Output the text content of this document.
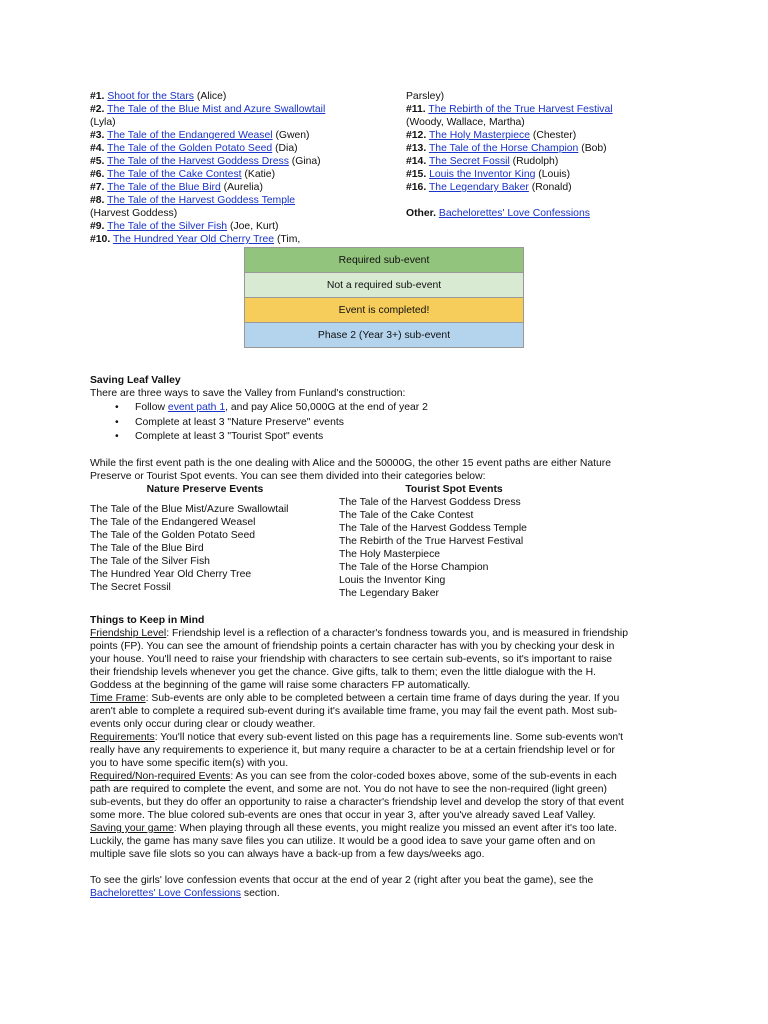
#1. Shoot for the Stars (Alice)
#2. The Tale of the Blue Mist and Azure Swallowtail
(Lyla)
#3. The Tale of the Endangered Weasel (Gwen)
#4. The Tale of the Golden Potato Seed (Dia)
#5. The Tale of the Harvest Goddess Dress (Gina)
#6. The Tale of the Cake Contest (Katie)
#7. The Tale of the Blue Bird (Aurelia)
#8. The Tale of the Harvest Goddess Temple
(Harvest Goddess)
#9. The Tale of the Silver Fish (Joe, Kurt)
#10. The Hundred Year Old Cherry Tree (Tim,
Parsley)
#11. The Rebirth of the True Harvest Festival
(Woody, Wallace, Martha)
#12. The Holy Masterpiece (Chester)
#13. The Tale of the Horse Champion (Bob)
#14. The Secret Fossil (Rudolph)
#15. Louis the Inventor King (Louis)
#16. The Legendary Baker (Ronald)
Other. Bachelorettes' Love Confessions
Required sub-event
Not a required sub-event
Event is completed!
Phase 2 (Year 3+) sub-event
Saving Leaf Valley
There are three ways to save the Valley from Funland's construction:
• Follow event path 1, and pay Alice 50,000G at the end of year 2
• Complete at least 3 "Nature Preserve" events
• Complete at least 3 "Tourist Spot" events
While the first event path is the one dealing with Alice and the 50000G, the other 15 event paths are either Nature
Preserve or Tourist Spot events. You can see them divided into their categories below:
Nature Preserve Events
The Tale of the Blue Mist/Azure Swallowtail
The Tale of the Endangered Weasel
The Tale of the Golden Potato Seed
The Tale of the Blue Bird
The Tale of the Silver Fish
The Hundred Year Old Cherry Tree
The Secret Fossil
Tourist Spot Events
The Tale of the Harvest Goddess Dress
The Tale of the Cake Contest
The Tale of the Harvest Goddess Temple
The Rebirth of the True Harvest Festival
The Holy Masterpiece
The Tale of the Horse Champion
Louis the Inventor King
The Legendary Baker
Things to Keep in Mind
Friendship Level: Friendship level is a reflection of a character's fondness towards you, and is measured in friendship
points (FP). You can see the amount of friendship points a certain character has with you by checking your desk in
your house. You'll need to raise your friendship with characters to see certain sub-events, so it's important to raise
their friendship levels whenever you get the chance. Give gifts, talk to them; even the little dialogue with the H.
Goddess at the beginning of the game will raise some characters FP automatically.
Time Frame: Sub-events are only able to be completed between a certain time frame of days during the year. If you
aren't able to complete a required sub-event during it's available time frame, you may fail the event path. Most sub-
events only occur during clear or cloudy weather.
Requirements: You'll notice that every sub-event listed on this page has a requirements line. Some sub-events won't
really have any requirements to experience it, but many require a character to be at a certain friendship level or for
you to have some specific item(s) with you.
Required/Non-required Events: As you can see from the color-coded boxes above, some of the sub-events in each
path are required to complete the event, and some are not. You do not have to see the non-required (light green)
sub-events, but they do offer an opportunity to raise a character's friendship level and develop the story of that event
some more. The blue colored sub-events are ones that occur in year 3, after you've already saved Leaf Valley.
Saving your game: When playing through all these events, you might realize you missed an event after it's too late.
Luckily, the game has many save files you can utilize. It would be a good idea to save your game often and on
multiple save file slots so you can always have a back-up from a few days/weeks ago.
To see the girls' love confession events that occur at the end of year 2 (right after you beat the game), see the
Bachelorettes' Love Confessions section.
